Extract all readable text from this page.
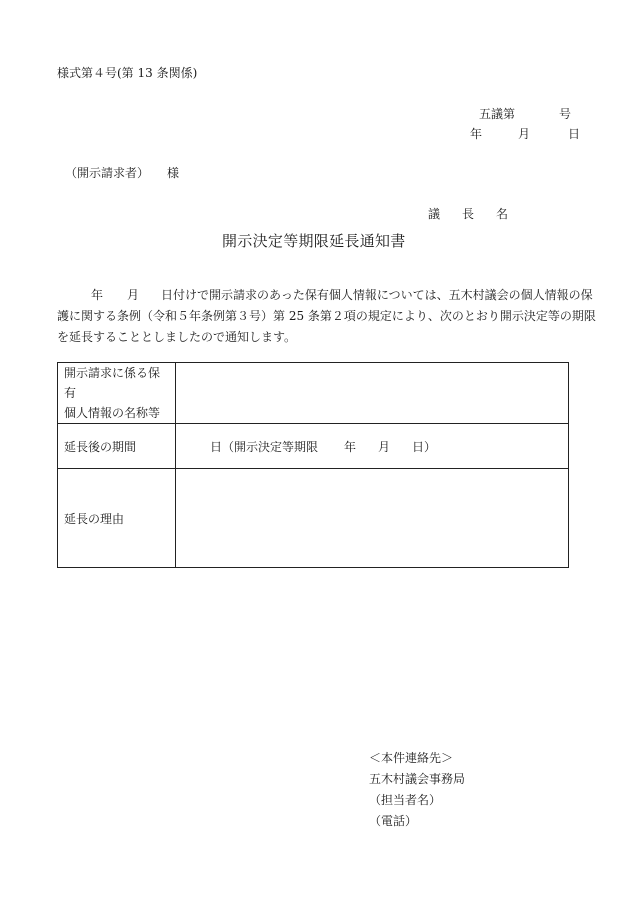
様式第４号(第 13 条関係)
五議第	号
年	月	日
（開示請求者） 様
議 長 名
開示決定等期限延長通知書
年 月 日付けで開示請求のあった保有個人情報については、五木村議会の個人情報の保
護に関する条例（令和５年条例第３号）第 25 条第２項の規定により、次のとおり開示決定等の期限
を延長することとしましたので通知します。
開示請求に係る保有
個人情報の名称等	

延長後の期間	日（開示決定等期限 年 月 日）
延長の理由	
＜本件連絡先＞
五木村議会事務局
（担当者名）
（電話）
